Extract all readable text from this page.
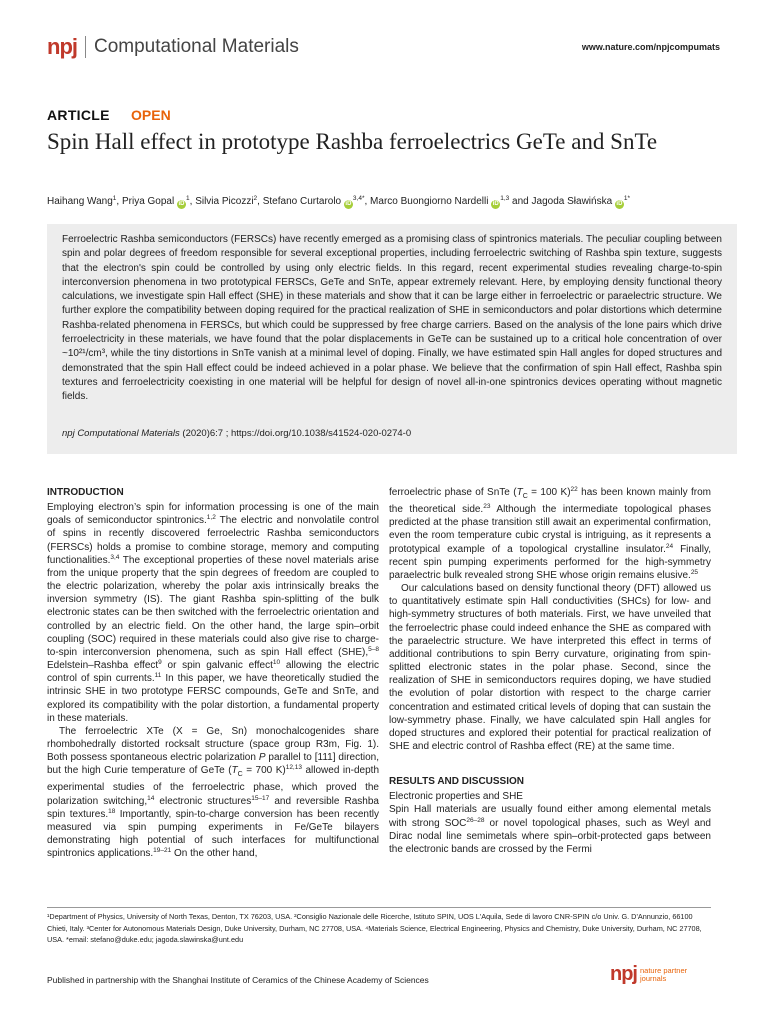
npj Computational Materials	www.nature.com/npjcompumats
ARTICLE OPEN
Spin Hall effect in prototype Rashba ferroelectrics GeTe and SnTe
Haihang Wang$^1$, Priya Gopal $iD^1$, Silvia Picozzi$^2$, Stefano Curtarolo $iD^{3,4*}$, Marco Buongiorno Nardelli iD$^{1,3}$ and Jagoda Sławińska $iD^{1*}$

Ferroelectric Rashba semiconductors (FERSCs) have recently emerged as a promising class of spintronics materials. The peculiar coupling between spin and polar degrees of freedom responsible for several exceptional properties, including ferroelectric switching of Rashba spin texture, suggests that the electron's spin could be controlled by using only electric fields. In this regard, recent experimental studies revealing charge-to-spin interconversion phenomena in two prototypical FERSCs, GeTe and SnTe, appear extremely relevant. Here, by employing density functional theory calculations, we investigate spin Hall effect (SHE) in these materials and show that it can be large either in ferroelectric or paraelectric structure. We further explore the compatibility between doping required for the practical realization of SHE in semiconductors and polar distortions which determine Rashba-related phenomena in FERSCs, but which could be suppressed by free charge carriers. Based on the analysis of the lone pairs which drive ferroelectricity in these materials, we have found that the polar displacements in GeTe can be sustained up to a critical hole concentration of over ~10²¹/cm³, while the tiny distortions in SnTe vanish at a minimal level of doping. Finally, we have estimated spin Hall angles for doped structures and demonstrated that the spin Hall effect could be indeed achieved in a polar phase. We believe that the confirmation of spin Hall effect, Rashba spin textures and ferroelectricity coexisting in one material will be helpful for design of novel all-in-one spintronics devices operating without magnetic fields.

npj Computational Materials (2020)6:7 ; https://doi.org/10.1038/s41524-020-0274-0
INTRODUCTION

Employing electron’s spin for information processing is one of the main goals of semiconductor spintronics.$^{1,2}$ The electric and nonvolatile control of spins in recently discovered ferroelectric Rashba semiconductors (FERSCs) holds a promise to combine storage, memory and computing functionalities.$^{3,4}$ The exceptional properties of these novel materials arise from the unique property that the spin degrees of freedom are coupled to the electric polarization, whereby the polar axis intrinsically breaks the inversion symmetry (IS). The giant Rashba spin-splitting of the bulk electronic states can be then switched with the ferroelectric orientation and controlled by an electric field. On the other hand, the large spin–orbit coupling (SOC) required in these materials could also give rise to charge-to-spin interconversion phenomena, such as spin Hall effect (SHE),$^{5-8}$ Edelstein–Rashba effect$^9$ or spin galvanic effect$^{10}$ allowing the electric control of spin currents.$^{11}$ In this paper, we have theoretically studied the intrinsic SHE in two prototype FERSC compounds, GeTe and SnTe, and explored its compatibility with the polar distortion, a fundamental property in these materials.

The ferroelectric XTe (X = Ge, Sn) monochalcogenides share rhombohedrally distorted rocksalt structure (space group R3m, Fig. 1). Both possess spontaneous electric polarization P parallel to [111] direction, but the high Curie temperature of GeTe ($T_C = 700$ K)$^{12,13}$ allowed in-depth experimental studies of the ferroelectric phase, which proved the polarization switching,$^{14}$ electronic structures$^{15-17}$ and reversible Rashba spin textures.$^{18}$ Importantly, spin-to-charge conversion has been recently measured via spin pumping experiments in Fe/GeTe bilayers demonstrating high potential of such interfaces for multifunctional spintronics applications.$^{19-21}$ On the other hand,

ferroelectric phase of SnTe ($T_C = 100$ K)$^{22}$ has been known mainly from the theoretical side.$^{23}$ Although the intermediate topological phases predicted at the phase transition still await an experimental confirmation, even the room temperature cubic crystal is intriguing, as it represents a prototypical example of a topological crystalline insulator.$^{24}$ Finally, recent spin pumping experiments performed for the high-symmetry paraelectric bulk revealed strong SHE whose origin remains elusive.$^{25}$

Our calculations based on density functional theory (DFT) allowed us to quantitatively estimate spin Hall conductivities (SHCs) for low- and high-symmetry structures of both materials. First, we have unveiled that the ferroelectric phase could indeed enhance the SHE as compared with the paraelectric structure. We have interpreted this effect in terms of additional contributions to spin Berry curvature, originating from spin-splitted electronic states in the polar phase. Second, since the realization of SHE in semiconductors requires doping, we have studied the evolution of polar distortion with respect to the charge carrier concentration and estimated critical levels of doping that can sustain the low-symmetry phase. Finally, we have calculated spin Hall angles for doped structures and explored their potential for practical realization of SHE and electric control of Rashba effect (RE) at the same time.

RESULTS AND DISCUSSION
Electronic properties and SHE

Spin Hall materials are usually found either among elemental metals with strong SOC$^{26-28}$ or novel topological phases, such as Weyl and Dirac nodal line semimetals where spin–orbit-protected gaps between the electronic bands are crossed by the Fermi

¹Department of Physics, University of North Texas, Denton, TX 76203, USA. ²Consiglio Nazionale delle Ricerche, Istituto SPIN, UOS L'Aquila, Sede di lavoro CNR-SPIN c/o Univ. G. D'Annunzio, 66100 Chieti, Italy. ³Center for Autonomous Materials Design, Duke University, Durham, NC 27708, USA. ⁴Materials Science, Electrical Engineering, Physics and Chemistry, Duke University, Durham, NC 27708, USA. *email: stefano@duke.edu; jagoda.slawinska@unt.edu
Published in partnership with the Shanghai Institute of Ceramics of the Chinese Academy of Sciences	npj nature partner
journals
